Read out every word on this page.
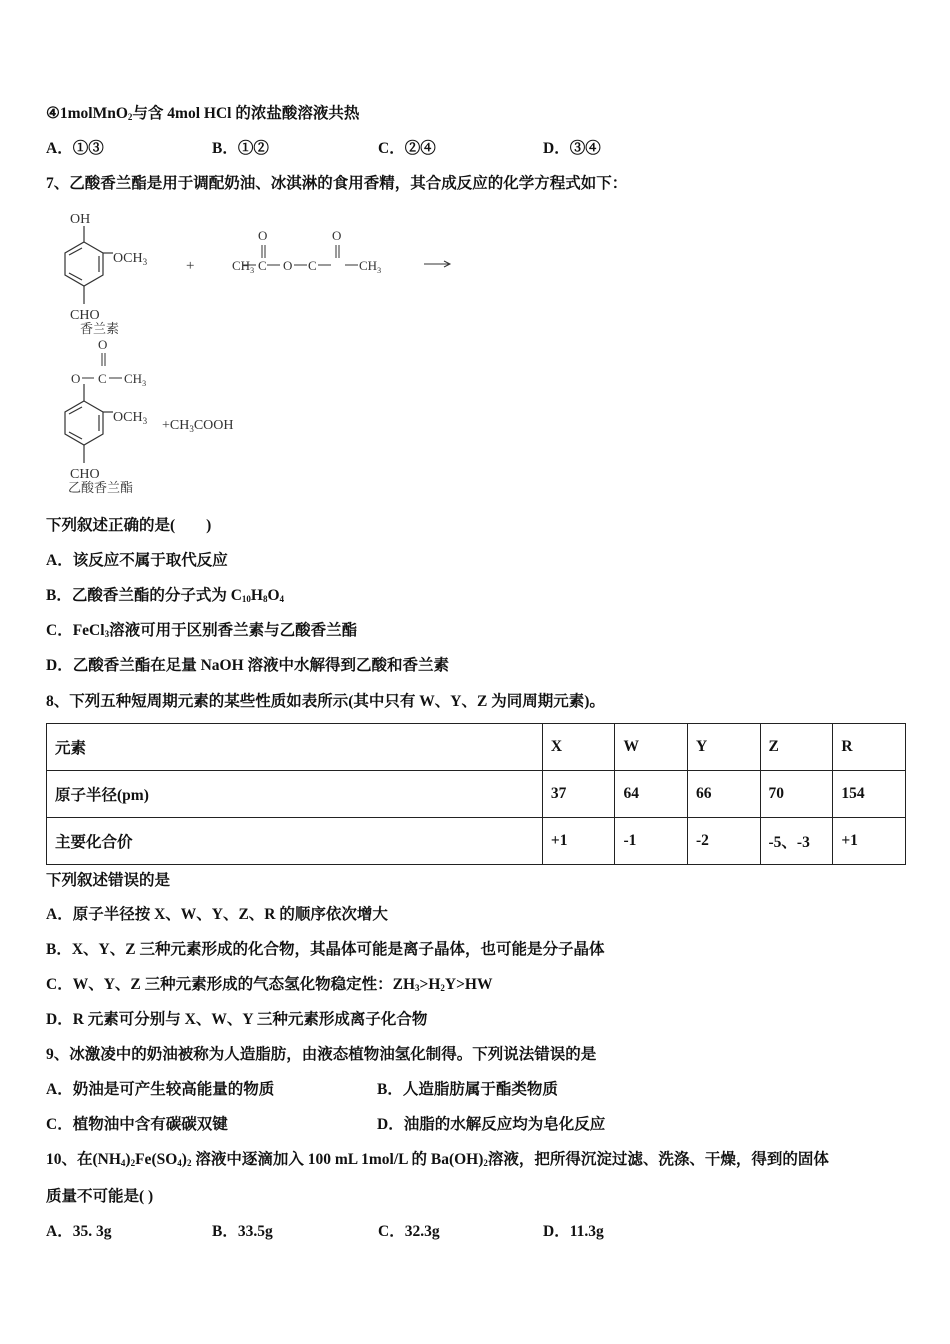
④1molMnO$_2$与含 4mol HCl 的浓盐酸溶液共热
A．①③	B．①②	C．②④	D．③④
7、乙酸香兰酯是用于调配奶油、冰淇淋的食用香精，其合成反应的化学方程式如下：
OH
$OCH_3$
CHO
香兰素
+
O	O
$CH_3$ C O C	$CH_3$
O
O C $CH_3$
$OCH_3$
CHO
乙酸香兰酯
$+CH_3COOH$
下列叙述正确的是(　　)
A．该反应不属于取代反应
B．乙酸香兰酯的分子式为 $C_{10}H_8O_4$
C．FeCl$_3$溶液可用于区别香兰素与乙酸香兰酯
D．乙酸香兰酯在足量 NaOH 溶液中水解得到乙酸和香兰素
8、下列五种短周期元素的某些性质如表所示(其中只有 W、Y、Z 为同周期元素)。
元素	X	W	Y	Z	R
原子半径(pm)	37	64	66	70	154
主要化合价	+1	-1	-2	-5、-3	+1
下列叙述错误的是
A．原子半径按 X、W、Y、Z、R 的顺序依次增大
B．X、Y、Z 三种元素形成的化合物，其晶体可能是离子晶体，也可能是分子晶体
C．W、Y、Z 三种元素形成的气态氢化物稳定性：$ZH_3>H_2Y>HW$
D．R 元素可分别与 X、W、Y 三种元素形成离子化合物
9、冰激凌中的奶油被称为人造脂肪，由液态植物油氢化制得。下列说法错误的是
A．奶油是可产生较高能量的物质	B．人造脂肪属于酯类物质
C．植物油中含有碳碳双键	D．油脂的水解反应均为皂化反应
10、在$(NH_4)_2Fe(SO_4)_2$ 溶液中逐滴加入 100 mL 1mol/L 的 $Ba(OH)_2$溶液，把所得沉淀过滤、洗涤、干燥，得到的固体
质量不可能是( )
A．35. 3g	B．33.5g	C．32.3g	D．11.3g
